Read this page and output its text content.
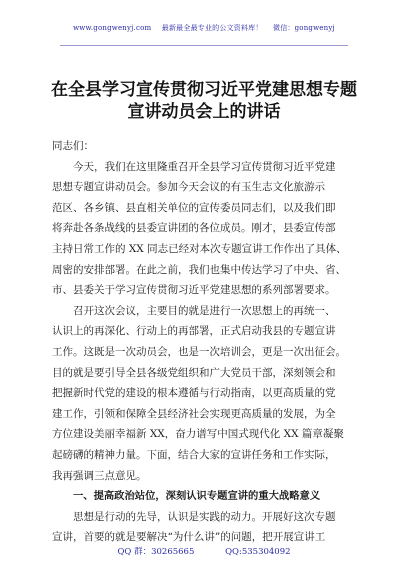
www.gongwenyj.com 最新最全最专业的公文资料库！ 微信：gongwenyj
在全县学习宣传贯彻习近平党建思想专题
宣讲动员会上的讲话
同志们：
今天，我们在这里隆重召开全县学习宣传贯彻习近平党建
思想专题宣讲动员会。参加今天会议的有玉生志文化旅游示
范区、各乡镇、县直相关单位的宣传委员同志们，以及我们即
将奔赴各条战线的县委宣讲团的各位成员。刚才，县委宣传部
主持日常工作的 XX 同志已经对本次专题宣讲工作作出了具体、
周密的安排部署。在此之前，我们也集中传达学习了中央、省、
市、县委关于学习宣传贯彻习近平党建思想的系列部署要求。
召开这次会议，主要目的就是进行一次思想上的再统一、
认识上的再深化、行动上的再部署，正式启动我县的专题宣讲
工作。这既是一次动员会，也是一次培训会，更是一次出征会。
目的就是要引导全县各级党组织和广大党员干部，深刻领会和
把握新时代党的建设的根本遵循与行动指南，以更高质量的党
建工作，引领和保障全县经济社会实现更高质量的发展，为全
方位建设美丽幸福新 XX，奋力谱写中国式现代化 XX 篇章凝聚
起磅礴的精神力量。下面，结合大家的宣讲任务和工作实际，
我再强调三点意见。
一、提高政治站位，深刻认识专题宣讲的重大战略意义
思想是行动的先导，认识是实践的动力。开展好这次专题
宣讲，首要的就是要解决“为什么讲”的问题，把开展宣讲工
QQ 群：30265665	QQ:535304092
